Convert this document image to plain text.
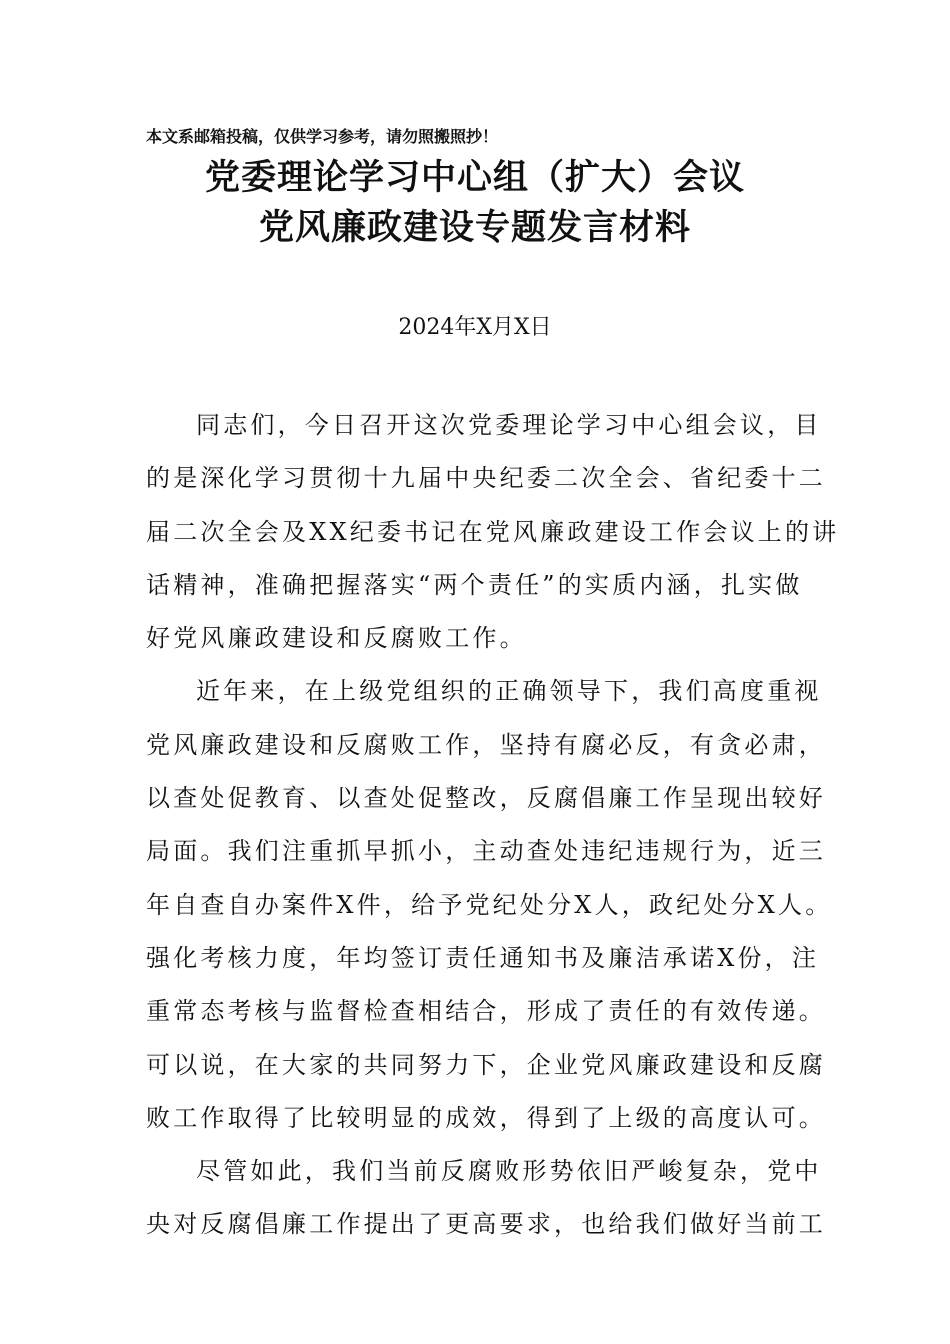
本文系邮箱投稿，仅供学习参考，请勿照搬照抄！
党委理论学习中心组（扩大）会议
党风廉政建设专题发言材料
2024年X月X日
同志们，今日召开这次党委理论学习中心组会议，目
的是深化学习贯彻十九届中央纪委二次全会、省纪委十二
届二次全会及XX纪委书记在党风廉政建设工作会议上的讲
话精神，准确把握落实“两个责任”的实质内涵，扎实做
好党风廉政建设和反腐败工作。
近年来，在上级党组织的正确领导下，我们高度重视
党风廉政建设和反腐败工作，坚持有腐必反，有贪必肃，
以查处促教育、以查处促整改，反腐倡廉工作呈现出较好
局面。我们注重抓早抓小，主动查处违纪违规行为，近三
年自查自办案件X件，给予党纪处分X人，政纪处分X人。
强化考核力度，年均签订责任通知书及廉洁承诺X份，注
重常态考核与监督检查相结合，形成了责任的有效传递。
可以说，在大家的共同努力下，企业党风廉政建设和反腐
败工作取得了比较明显的成效，得到了上级的高度认可。
尽管如此，我们当前反腐败形势依旧严峻复杂，党中
央对反腐倡廉工作提出了更高要求，也给我们做好当前工
